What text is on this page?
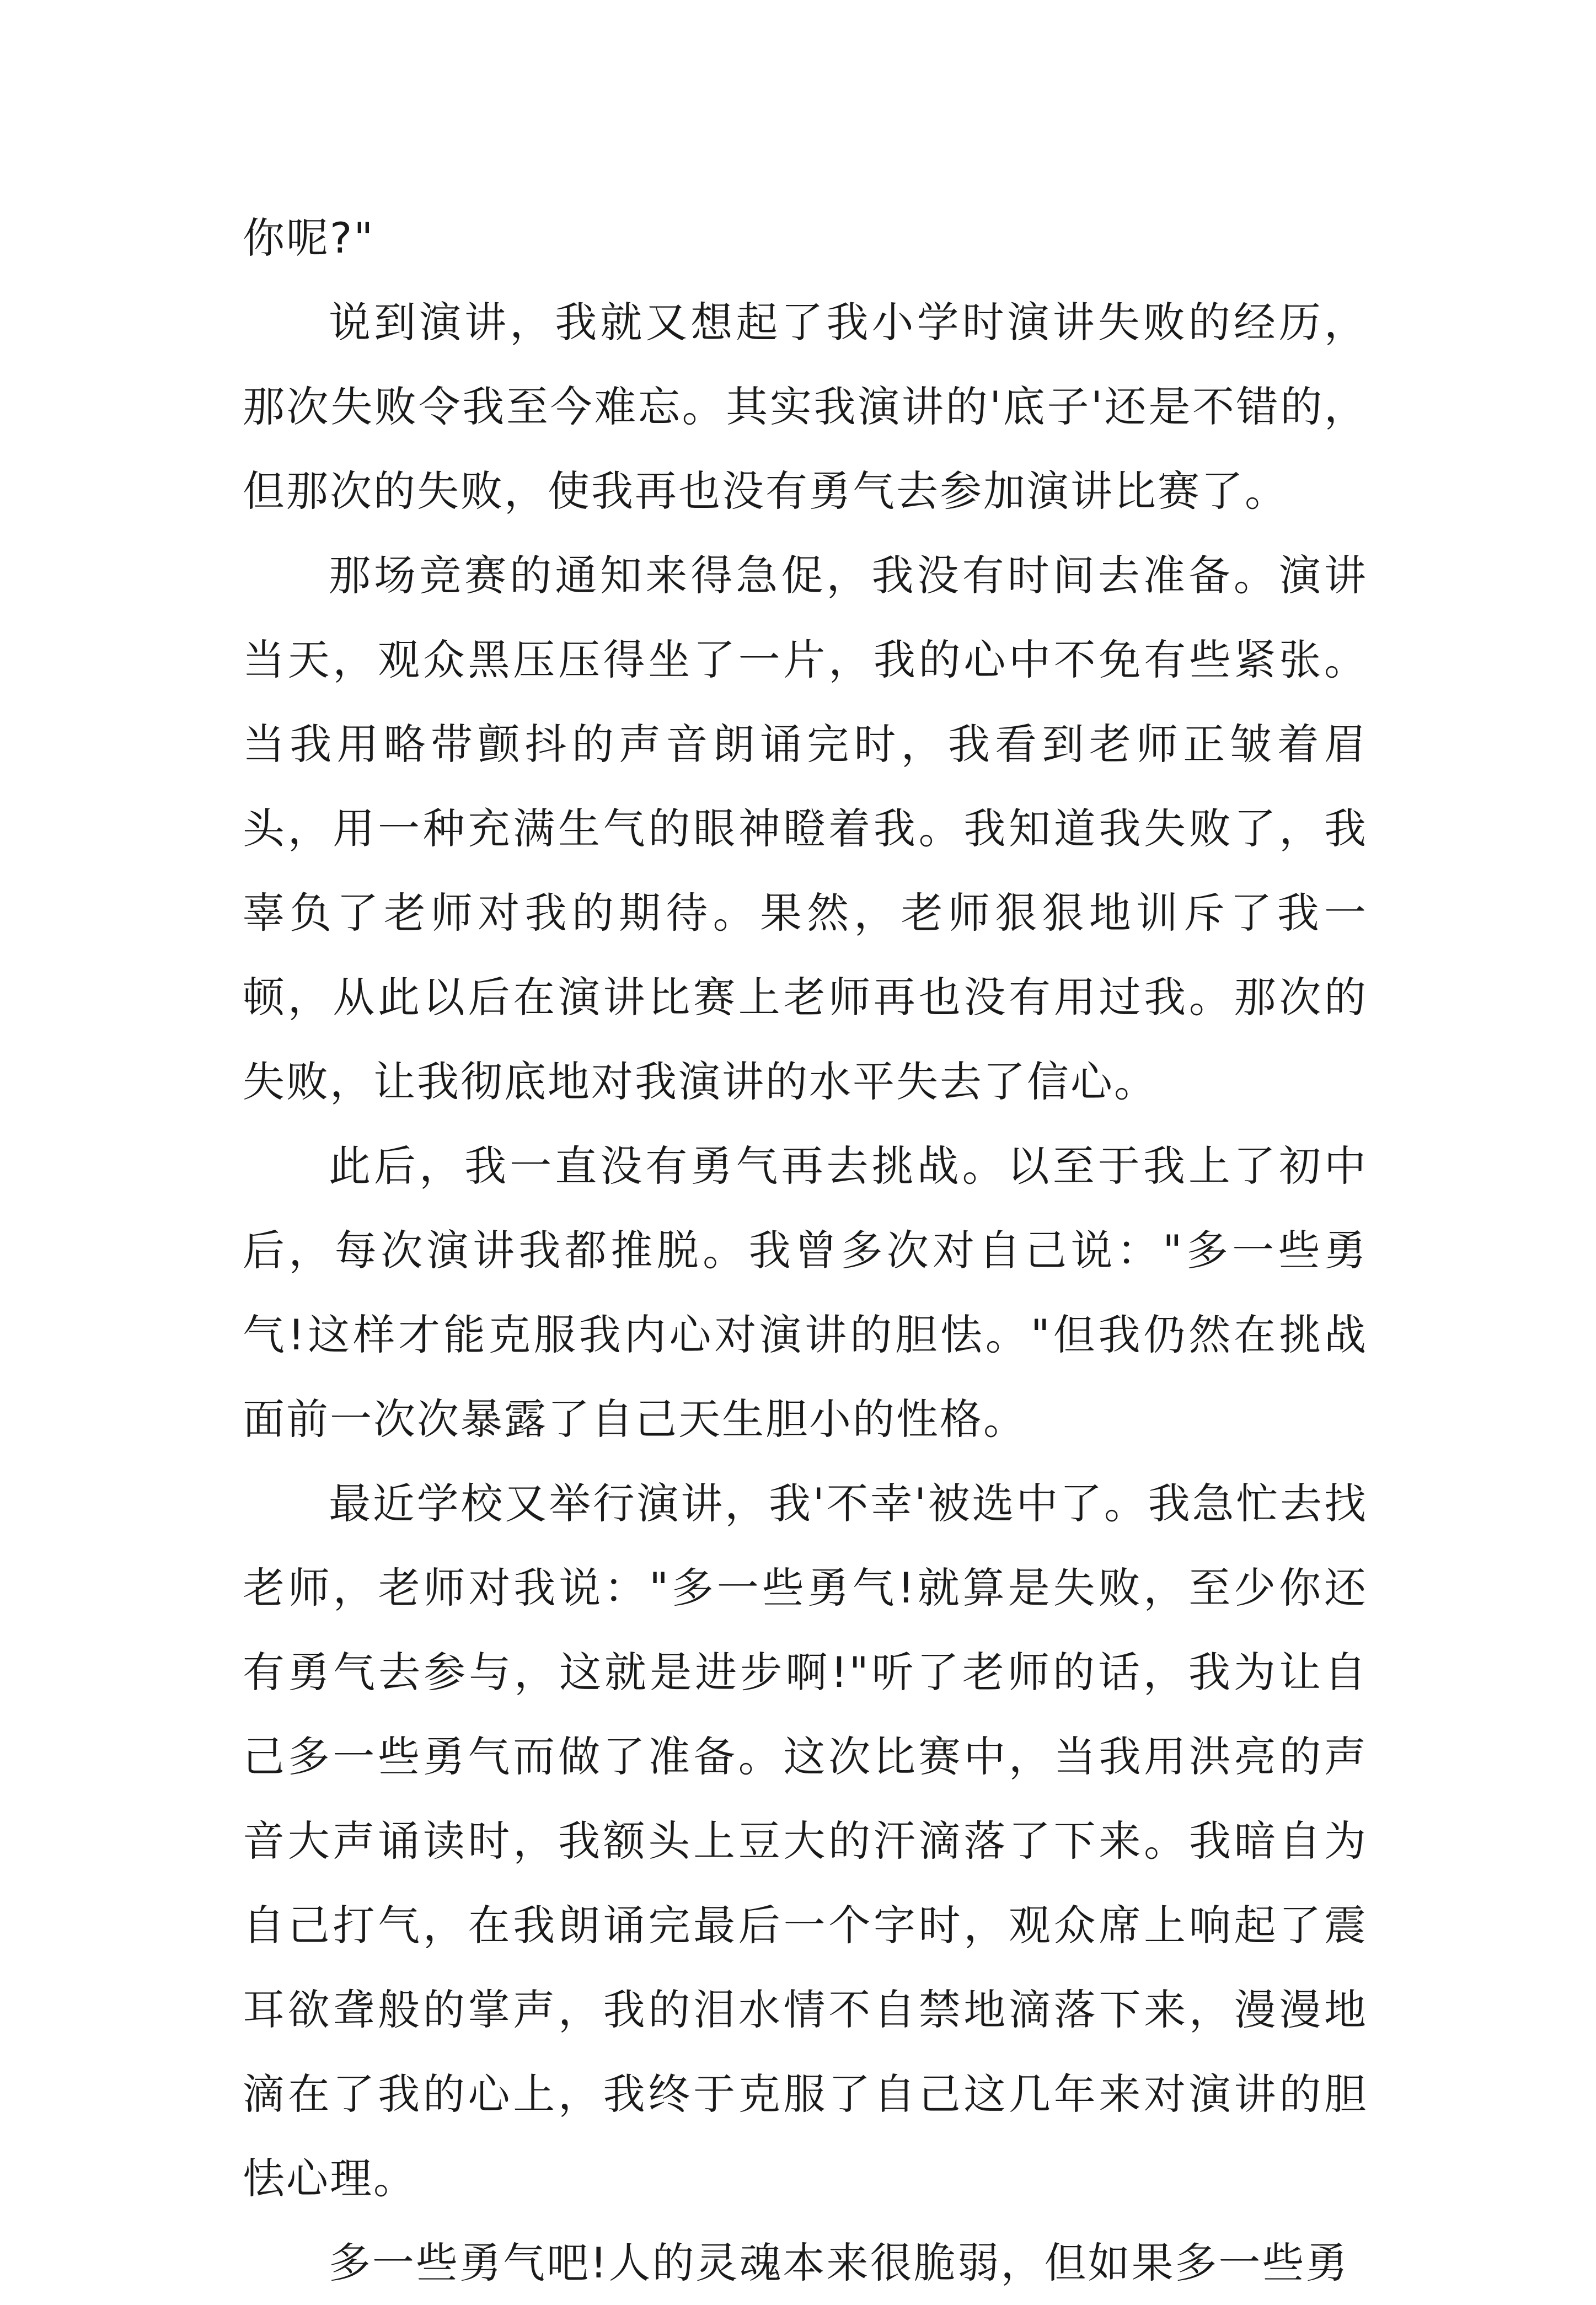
你呢?"

说到演讲，我就又想起了我小学时演讲失败的经历，那次失败令我至今难忘。其实我演讲的'底子'还是不错的，但那次的失败，使我再也没有勇气去参加演讲比赛了。

那场竞赛的通知来得急促，我没有时间去准备。演讲当天，观众黑压压得坐了一片，我的心中不免有些紧张。当我用略带颤抖的声音朗诵完时，我看到老师正皱着眉头，用一种充满生气的眼神瞪着我。我知道我失败了，我辜负了老师对我的期待。果然，老师狠狠地训斥了我一顿，从此以后在演讲比赛上老师再也没有用过我。那次的失败，让我彻底地对我演讲的水平失去了信心。

此后，我一直没有勇气再去挑战。以至于我上了初中后，每次演讲我都推脱。我曾多次对自己说："多一些勇气!这样才能克服我内心对演讲的胆怯。"但我仍然在挑战面前一次次暴露了自己天生胆小的性格。

最近学校又举行演讲，我'不幸'被选中了。我急忙去找老师，老师对我说："多一些勇气!就算是失败，至少你还有勇气去参与，这就是进步啊!"听了老师的话，我为让自己多一些勇气而做了准备。这次比赛中，当我用洪亮的声音大声诵读时，我额头上豆大的汗滴落了下来。我暗自为自己打气，在我朗诵完最后一个字时，观众席上响起了震耳欲聋般的掌声，我的泪水情不自禁地滴落下来，漫漫地滴在了我的心上，我终于克服了自己这几年来对演讲的胆怯心理。

多一些勇气吧!人的灵魂本来很脆弱，但如果多一些勇
